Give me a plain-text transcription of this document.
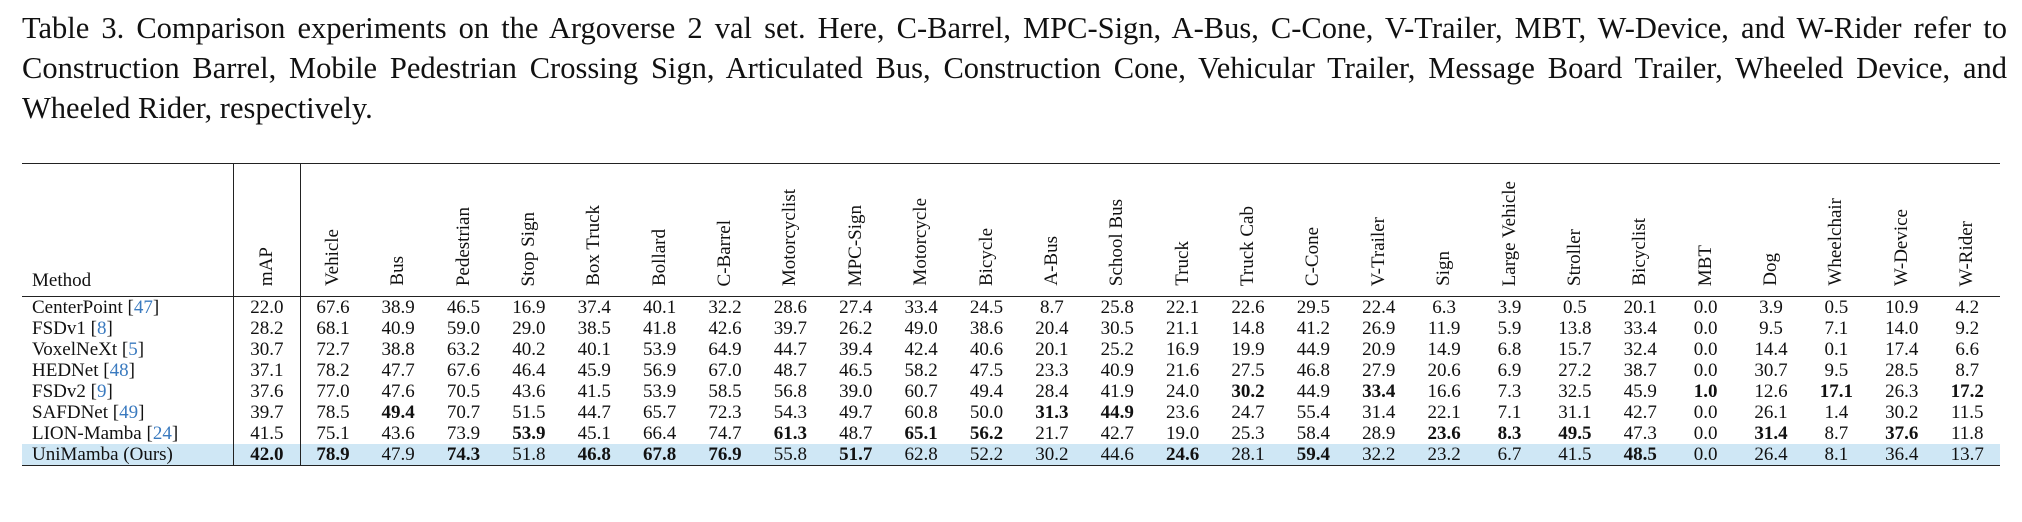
Table 3. Comparison experiments on the Argoverse 2 val set. Here, C-Barrel, MPC-Sign, A-Bus, C-Cone, V-Trailer, MBT, W-Device, and W-Rider refer to Construction Barrel, Mobile Pedestrian Crossing Sign, Articulated Bus, Construction Cone, Vehicular Trailer, Message Board Trailer, Wheeled Device, and Wheeled Rider, respectively.
Method	mAP	Vehicle	Bus	Pedestrian	Stop Sign	Box Truck	Bollard	C-Barrel	Motorcyclist	MPC-Sign	Motorcycle	Bicycle	A-Bus	School Bus	Truck	Truck Cab	C-Cone	V-Trailer	Sign	Large Vehicle	Stroller	Bicyclist	MBT	Dog	Wheelchair	W-Device	W-Rider
CenterPoint [47]	22.0	67.6	38.9	46.5	16.9	37.4	40.1	32.2	28.6	27.4	33.4	24.5	8.7	25.8	22.1	22.6	29.5	22.4	6.3	3.9	0.5	20.1	0.0	3.9	0.5	10.9	4.2
FSDv1 [8]	28.2	68.1	40.9	59.0	29.0	38.5	41.8	42.6	39.7	26.2	49.0	38.6	20.4	30.5	21.1	14.8	41.2	26.9	11.9	5.9	13.8	33.4	0.0	9.5	7.1	14.0	9.2
VoxelNeXt [5]	30.7	72.7	38.8	63.2	40.2	40.1	53.9	64.9	44.7	39.4	42.4	40.6	20.1	25.2	16.9	19.9	44.9	20.9	14.9	6.8	15.7	32.4	0.0	14.4	0.1	17.4	6.6
HEDNet [48]	37.1	78.2	47.7	67.6	46.4	45.9	56.9	67.0	48.7	46.5	58.2	47.5	23.3	40.9	21.6	27.5	46.8	27.9	20.6	6.9	27.2	38.7	0.0	30.7	9.5	28.5	8.7
FSDv2 [9]	37.6	77.0	47.6	70.5	43.6	41.5	53.9	58.5	56.8	39.0	60.7	49.4	28.4	41.9	24.0	30.2	44.9	33.4	16.6	7.3	32.5	45.9	1.0	12.6	17.1	26.3	17.2
SAFDNet [49]	39.7	78.5	49.4	70.7	51.5	44.7	65.7	72.3	54.3	49.7	60.8	50.0	31.3	44.9	23.6	24.7	55.4	31.4	22.1	7.1	31.1	42.7	0.0	26.1	1.4	30.2	11.5
LION-Mamba [24]	41.5	75.1	43.6	73.9	53.9	45.1	66.4	74.7	61.3	48.7	65.1	56.2	21.7	42.7	19.0	25.3	58.4	28.9	23.6	8.3	49.5	47.3	0.0	31.4	8.7	37.6	11.8
UniMamba (Ours)	42.0	78.9	47.9	74.3	51.8	46.8	67.8	76.9	55.8	51.7	62.8	52.2	30.2	44.6	24.6	28.1	59.4	32.2	23.2	6.7	41.5	48.5	0.0	26.4	8.1	36.4	13.7
